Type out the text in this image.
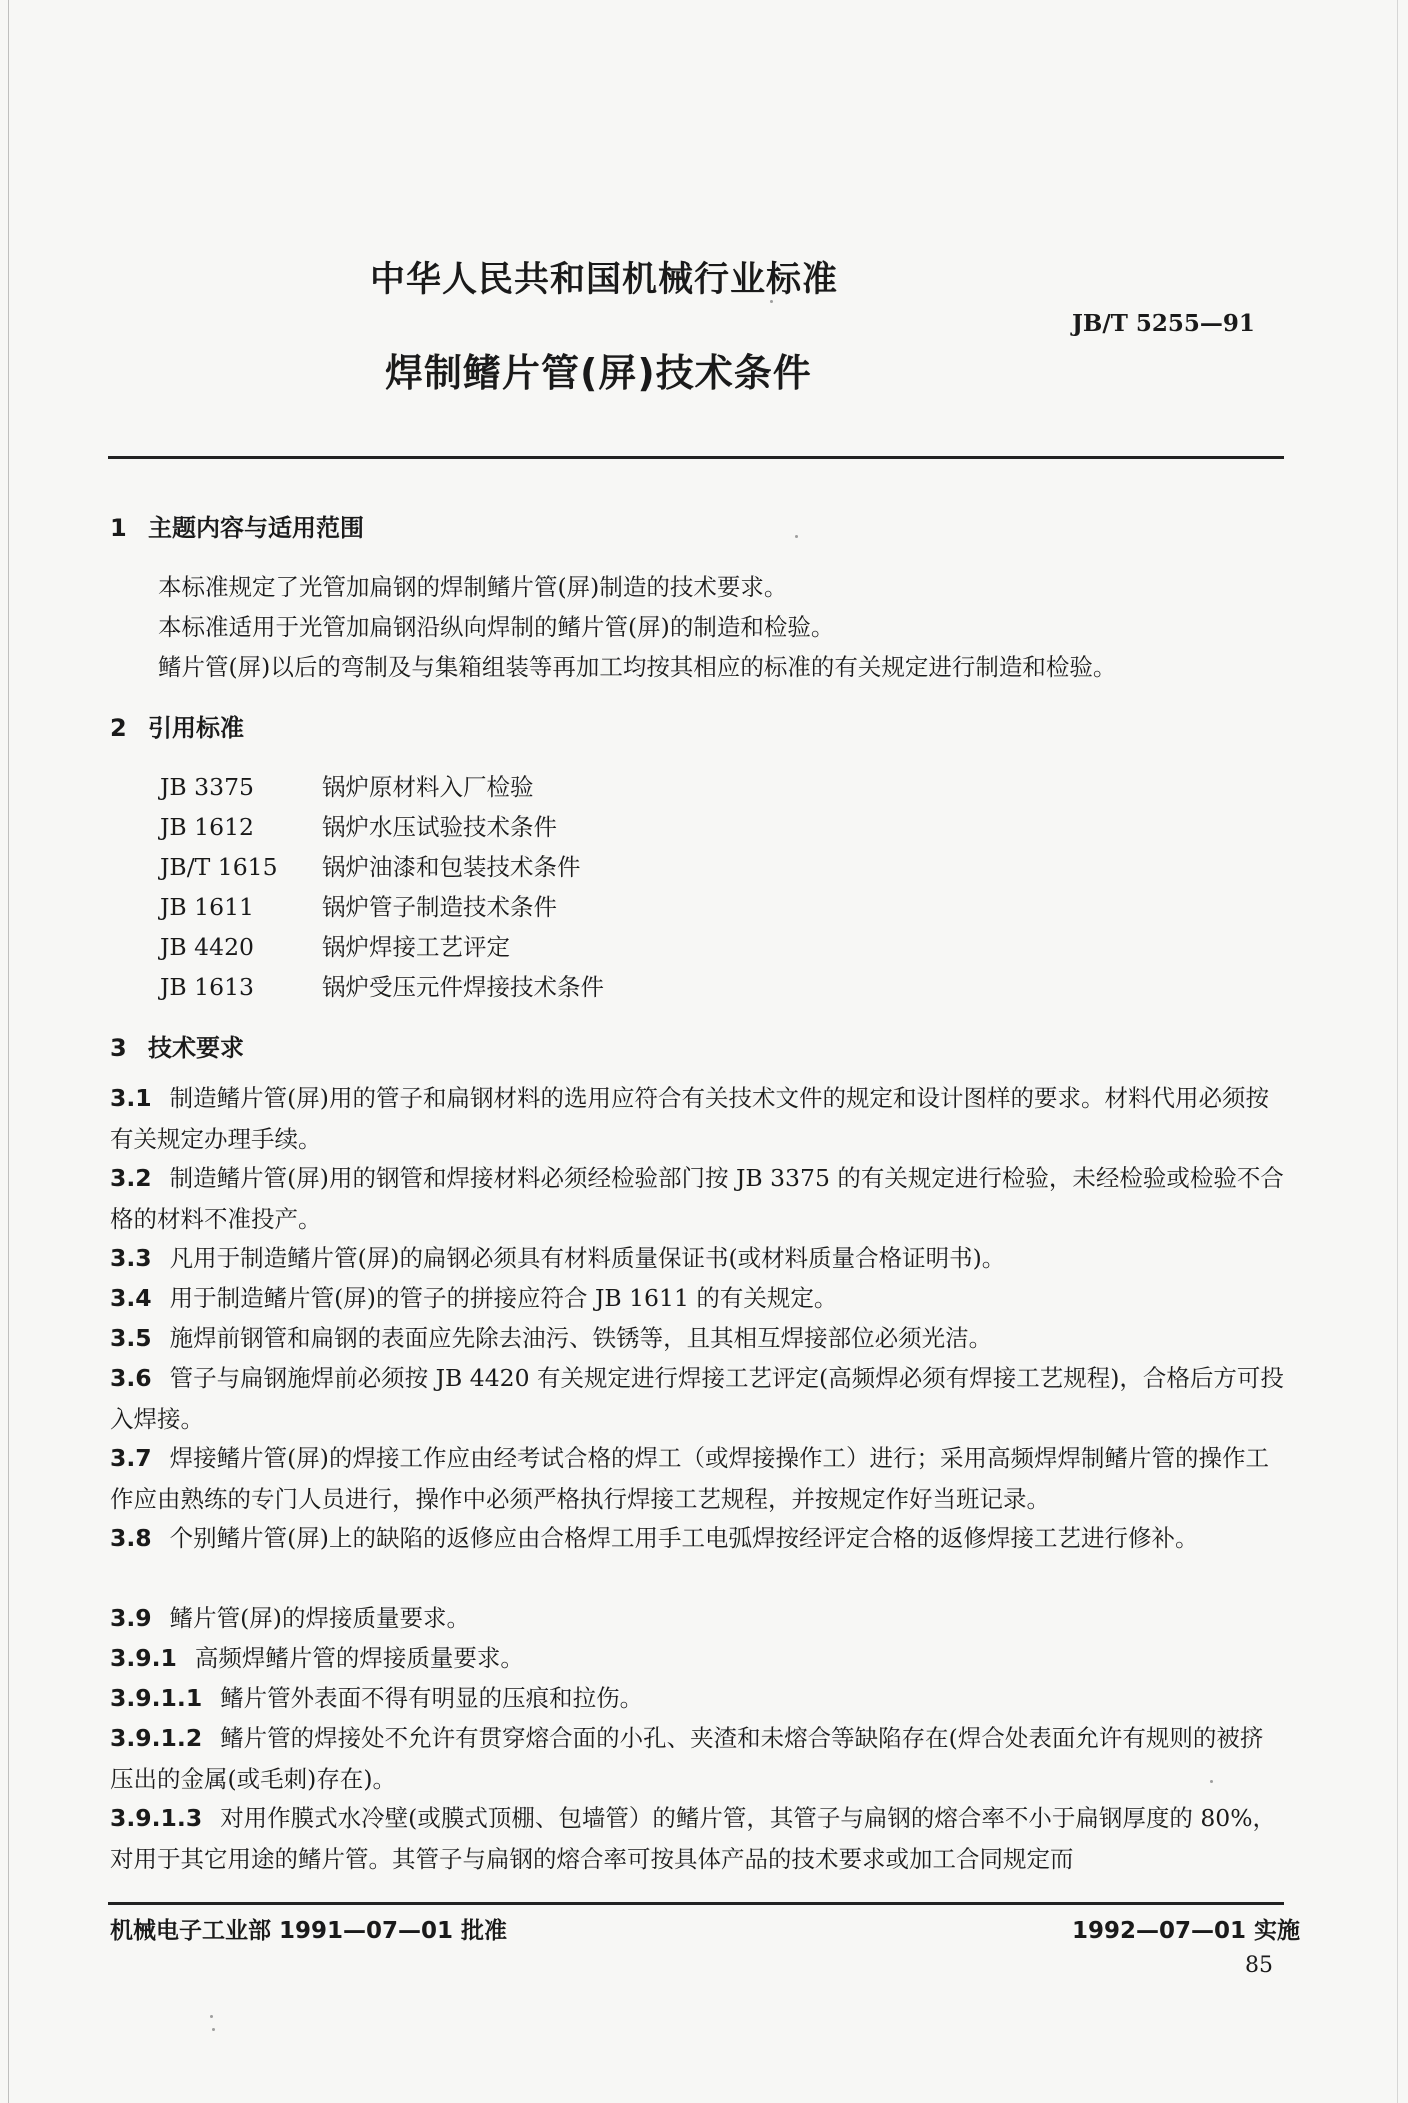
中华人民共和国机械行业标准
JB/T 5255—91
焊制鳍片管(屏)技术条件
1 主题内容与适用范围
本标准规定了光管加扁钢的焊制鳍片管(屏)制造的技术要求。
本标准适用于光管加扁钢沿纵向焊制的鳍片管(屏)的制造和检验。
鳍片管(屏)以后的弯制及与集箱组装等再加工均按其相应的标准的有关规定进行制造和检验。
2 引用标准
JB 3375	锅炉原材料入厂检验
JB 1612	锅炉水压试验技术条件
JB/T 1615 锅炉油漆和包装技术条件
JB 1611	锅炉管子制造技术条件
JB 4420	锅炉焊接工艺评定
JB 1613	锅炉受压元件焊接技术条件
3 技术要求
3.1 制造鳍片管(屏)用的管子和扁钢材料的选用应符合有关技术文件的规定和设计图样的要求。材料代用必须按有关规定办理手续。
3.2 制造鳍片管(屏)用的钢管和焊接材料必须经检验部门按 JB 3375 的有关规定进行检验，未经检验或检验不合格的材料不准投产。
3.3 凡用于制造鳍片管(屏)的扁钢必须具有材料质量保证书(或材料质量合格证明书)。
3.4 用于制造鳍片管(屏)的管子的拼接应符合 JB 1611 的有关规定。
3.5 施焊前钢管和扁钢的表面应先除去油污、铁锈等，且其相互焊接部位必须光洁。
3.6 管子与扁钢施焊前必须按 JB 4420 有关规定进行焊接工艺评定(高频焊必须有焊接工艺规程)，合格后方可投入焊接。
3.7 焊接鳍片管(屏)的焊接工作应由经考试合格的焊工（或焊接操作工）进行；采用高频焊焊制鳍片管的操作工作应由熟练的专门人员进行，操作中必须严格执行焊接工艺规程，并按规定作好当班记录。
3.8 个别鳍片管(屏)上的缺陷的返修应由合格焊工用手工电弧焊按经评定合格的返修焊接工艺进行修补。
3.9 鳍片管(屏)的焊接质量要求。
3.9.1 高频焊鳍片管的焊接质量要求。
3.9.1.1 鳍片管外表面不得有明显的压痕和拉伤。
3.9.1.2 鳍片管的焊接处不允许有贯穿熔合面的小孔、夹渣和未熔合等缺陷存在(焊合处表面允许有规则的被挤压出的金属(或毛刺)存在)。
3.9.1.3 对用作膜式水冷壁(或膜式顶棚、包墙管）的鳍片管，其管子与扁钢的熔合率不小于扁钢厚度的 80%，对用于其它用途的鳍片管。其管子与扁钢的熔合率可按具体产品的技术要求或加工合同规定而
机械电子工业部 1991—07—01 批准	1992—07—01 实施
85
